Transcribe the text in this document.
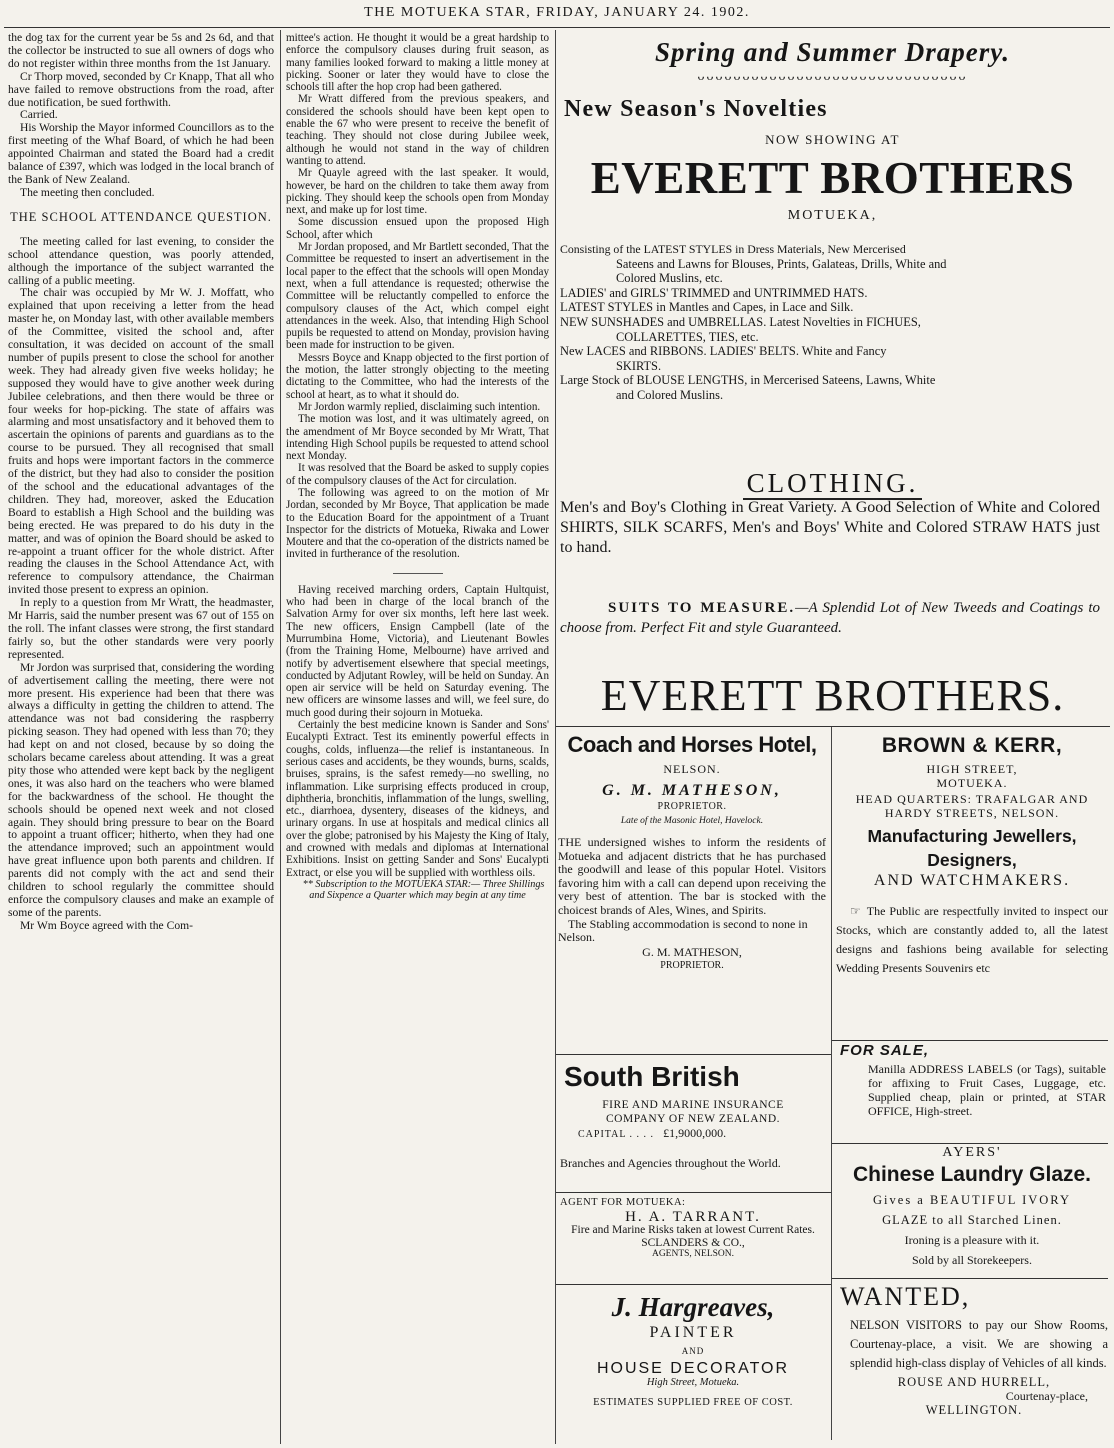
THE MOTUEKA STAR, FRIDAY, JANUARY 24. 1902.

the dog tax for the current year be 5s and 2s 6d, and that the collector be instructed to sue all owners of dogs who do not register within three months from the 1st January.

Cr Thorp moved, seconded by Cr Knapp, That all who have failed to remove obstructions from the road, after due notification, be sued forthwith.

Carried.

His Worship the Mayor informed Councillors as to the first meeting of the Whaf Board, of which he had been appointed Chairman and stated the Board had a credit balance of £397, which was lodged in the local branch of the Bank of New Zealand.

The meeting then concluded.

THE SCHOOL ATTENDANCE QUESTION.

The meeting called for last evening, to consider the school attendance question, was poorly attended, although the importance of the subject warranted the calling of a public meeting.

The chair was occupied by Mr W. J. Moffatt, who explained that upon receiving a letter from the head master he, on Monday last, with other available members of the Committee, visited the school and, after consultation, it was decided on account of the small number of pupils present to close the school for another week. They had already given five weeks holiday; he supposed they would have to give another week during Jubilee celebrations, and then there would be three or four weeks for hop-picking. The state of affairs was alarming and most unsatisfactory and it behoved them to ascertain the opinions of parents and guardians as to the course to be pursued. They all recognised that small fruits and hops were important factors in the commerce of the district, but they had also to consider the position of the school and the educational advantages of the children. They had, moreover, asked the Education Board to establish a High School and the building was being erected. He was prepared to do his duty in the matter, and was of opinion the Board should be asked to re-appoint a truant officer for the whole district. After reading the clauses in the School Attendance Act, with reference to compulsory attendance, the Chairman invited those present to express an opinion.

In reply to a question from Mr Wratt, the headmaster, Mr Harris, said the number present was 67 out of 155 on the roll. The infant classes were strong, the first standard fairly so, but the other standards were very poorly represented.

Mr Jordon was surprised that, considering the wording of advertisement calling the meeting, there were not more present. His experience had been that there was always a difficulty in getting the children to attend. The attendance was not bad considering the raspberry picking season. They had opened with less than 70; they had kept on and not closed, because by so doing the scholars became careless about attending. It was a great pity those who attended were kept back by the negligent ones, it was also hard on the teachers who were blamed for the backwardness of the school. He thought the schools should be opened next week and not closed again. They should bring pressure to bear on the Board to appoint a truant officer; hitherto, when they had one the attendance improved; such an appointment would have great influence upon both parents and children. If parents did not comply with the act and send their children to school regularly the committee should enforce the compulsory clauses and make an example of some of the parents.

Mr Wm Boyce agreed with the Com-

mittee's action. He thought it would be a great hardship to enforce the compulsory clauses during fruit season, as many families looked forward to making a little money at picking. Sooner or later they would have to close the schools till after the hop crop had been gathered.

Mr Wratt differed from the previous speakers, and considered the schools should have been kept open to enable the 67 who were present to receive the benefit of teaching. They should not close during Jubilee week, although he would not stand in the way of children wanting to attend.

Mr Quayle agreed with the last speaker. It would, however, be hard on the children to take them away from picking. They should keep the schools open from Monday next, and make up for lost time.

Some discussion ensued upon the proposed High School, after which

Mr Jordan proposed, and Mr Bartlett seconded, That the Committee be requested to insert an advertisement in the local paper to the effect that the schools will open Monday next, when a full attendance is requested; otherwise the Committee will be reluctantly compelled to enforce the compulsory clauses of the Act, which compel eight attendances in the week. Also, that intending High School pupils be requested to attend on Monday, provision having been made for instruction to be given.

Messrs Boyce and Knapp objected to the first portion of the motion, the latter strongly objecting to the meeting dictating to the Committee, who had the interests of the school at heart, as to what it should do.

Mr Jordon warmly replied, disclaiming such intention.

The motion was lost, and it was ultimately agreed, on the amendment of Mr Boyce seconded by Mr Wratt, That intending High School pupils be requested to attend school next Monday.

It was resolved that the Board be asked to supply copies of the compulsory clauses of the Act for circulation.

The following was agreed to on the motion of Mr Jordan, seconded by Mr Boyce, That application be made to the Education Board for the appointment of a Truant Inspector for the districts of Motueka, Riwaka and Lower Moutere and that the co-operation of the districts named be invited in furtherance of the resolution.

Having received marching orders, Captain Hultquist, who had been in charge of the local branch of the Salvation Army for over six months, left here last week. The new officers, Ensign Campbell (late of the Murrumbina Home, Victoria), and Lieutenant Bowles (from the Training Home, Melbourne) have arrived and notify by advertisement elsewhere that special meetings, conducted by Adjutant Rowley, will be held on Sunday. An open air service will be held on Saturday evening. The new officers are winsome lasses and will, we feel sure, do much good during their sojourn in Motueka.

Certainly the best medicine known is Sander and Sons' Eucalypti Extract. Test its eminently powerful effects in coughs, colds, influenza—the relief is instantaneous. In serious cases and accidents, be they wounds, burns, scalds, bruises, sprains, is the safest remedy—no swelling, no inflammation. Like surprising effects produced in croup, diphtheria, bronchitis, inflammation of the lungs, swelling, etc., diarrhoea, dysentery, diseases of the kidneys, and urinary organs. In use at hospitals and medical clinics all over the globe; patronised by his Majesty the King of Italy, and crowned with medals and diplomas at International Exhibitions. Insist on getting Sander and Sons' Eucalypti Extract, or else you will be supplied with worthless oils.

** Subscription to the MOTUEKA STAR:— Three Shillings and Sixpence a Quarter which may begin at any time

Spring and Summer Drapery.
ᴗᴗᴗᴗᴗᴗᴗᴗᴗᴗᴗᴗᴗᴗᴗᴗᴗᴗᴗᴗᴗᴗᴗᴗᴗᴗᴗᴗᴗᴗ
New Season's Novelties
NOW SHOWING AT
EVERETT BROTHERS
MOTUEKA,

Consisting of the LATEST STYLES in Dress Materials, New Mercerised

Sateens and Lawns for Blouses, Prints, Galateas, Drills, White and

Colored Muslins, etc.

LADIES' and GIRLS' TRIMMED and UNTRIMMED HATS.

LATEST STYLES in Mantles and Capes, in Lace and Silk.

NEW SUNSHADES and UMBRELLAS. Latest Novelties in FICHUES,

COLLARETTES, TIES, etc.

New LACES and RIBBONS. LADIES' BELTS. White and Fancy

SKIRTS.

Large Stock of BLOUSE LENGTHS, in Mercerised Sateens, Lawns, White

and Colored Muslins.

CLOTHING.
Men's and Boy's Clothing in Great Variety. A Good Selection of White and Colored SHIRTS, SILK SCARFS, Men's and Boys' White and Colored STRAW HATS just to hand.
SUITS TO MEASURE.—A Splendid Lot of New Tweeds and Coatings to choose from. Perfect Fit and style Guaranteed.
EVERETT BROTHERS.
Coach and Horses Hotel,
NELSON.
G. M. MATHESON,
PROPRIETOR.
Late of the Masonic Hotel, Havelock.
THE undersigned wishes to inform the residents of Motueka and adjacent districts that he has purchased the goodwill and lease of this popular Hotel. Visitors favoring him with a call can depend upon receiving the very best of attention. The bar is stocked with the choicest brands of Ales, Wines, and Spirits.
The Stabling accommodation is second to none in Nelson.
G. M. MATHESON,
PROPRIETOR.
BROWN & KERR,
HIGH STREET,
MOTUEKA.
HEAD QUARTERS: TRAFALGAR AND HARDY STREETS, NELSON.
Manufacturing Jewellers, Designers,
AND WATCHMAKERS.
☞ The Public are respectfully invited to inspect our Stocks, which are constantly added to, all the latest designs and fashions being available for selecting Wedding Presents Souvenirs etc
FOR SALE,
Manilla ADDRESS LABELS (or Tags), suitable for affixing to Fruit Cases, Luggage, etc. Supplied cheap, plain or printed, at STAR OFFICE, High-street.
AYERS'
Chinese Laundry Glaze.
Gives a BEAUTIFUL IVORY
GLAZE to all Starched Linen.
Ironing is a pleasure with it.
Sold by all Storekeepers.
WANTED,
NELSON VISITORS to pay our Show Rooms, Courtenay-place, a visit. We are showing a splendid high-class display of Vehicles of all kinds.
ROUSE AND HURRELL,
Courtenay-place,
WELLINGTON.
South British
FIRE AND MARINE INSURANCE
COMPANY OF NEW ZEALAND.
CAPITAL . . . . £1,9000,000.
Branches and Agencies throughout the World.
AGENT FOR MOTUEKA:
H. A. TARRANT.
Fire and Marine Risks taken at lowest Current Rates.
SCLANDERS & CO.,
AGENTS, NELSON.
J. Hargreaves,
PAINTER
AND
HOUSE DECORATOR
High Street, Motueka.
ESTIMATES SUPPLIED FREE OF COST.
